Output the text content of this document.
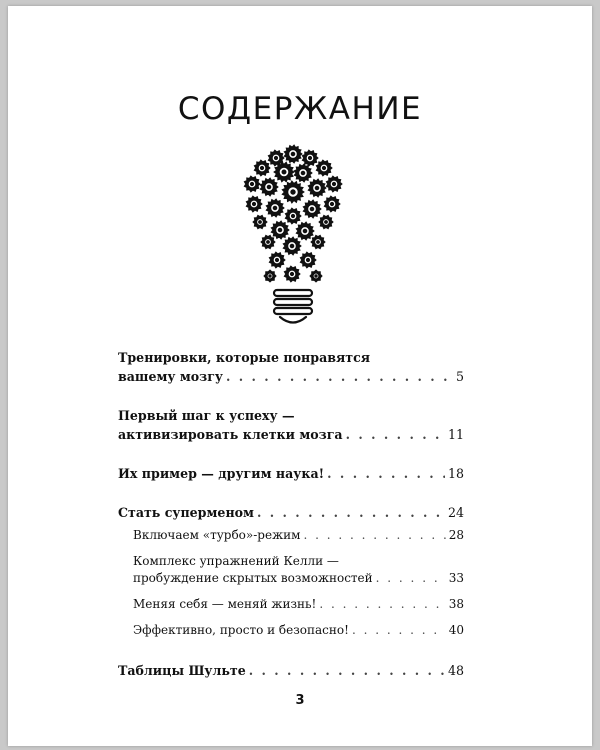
СОДЕРЖАНИЕ
Тренировки, которые понравятся
вашему мозгу . . .	5
Первый шаг к успеху —
активизировать клетки мозга . . .	11
Их пример — другим наука! . . .	18
Стать суперменом . . .	24
Включаем «турбо»-режим . . .	28
Комплекс упражнений Келли —
пробуждение скрытых возможностей . . .	33
Меняя себя — меняй жизнь! . . .	38
Эффективно, просто и безопасно! . . .	40
Таблицы Шульте . . .	48
3
